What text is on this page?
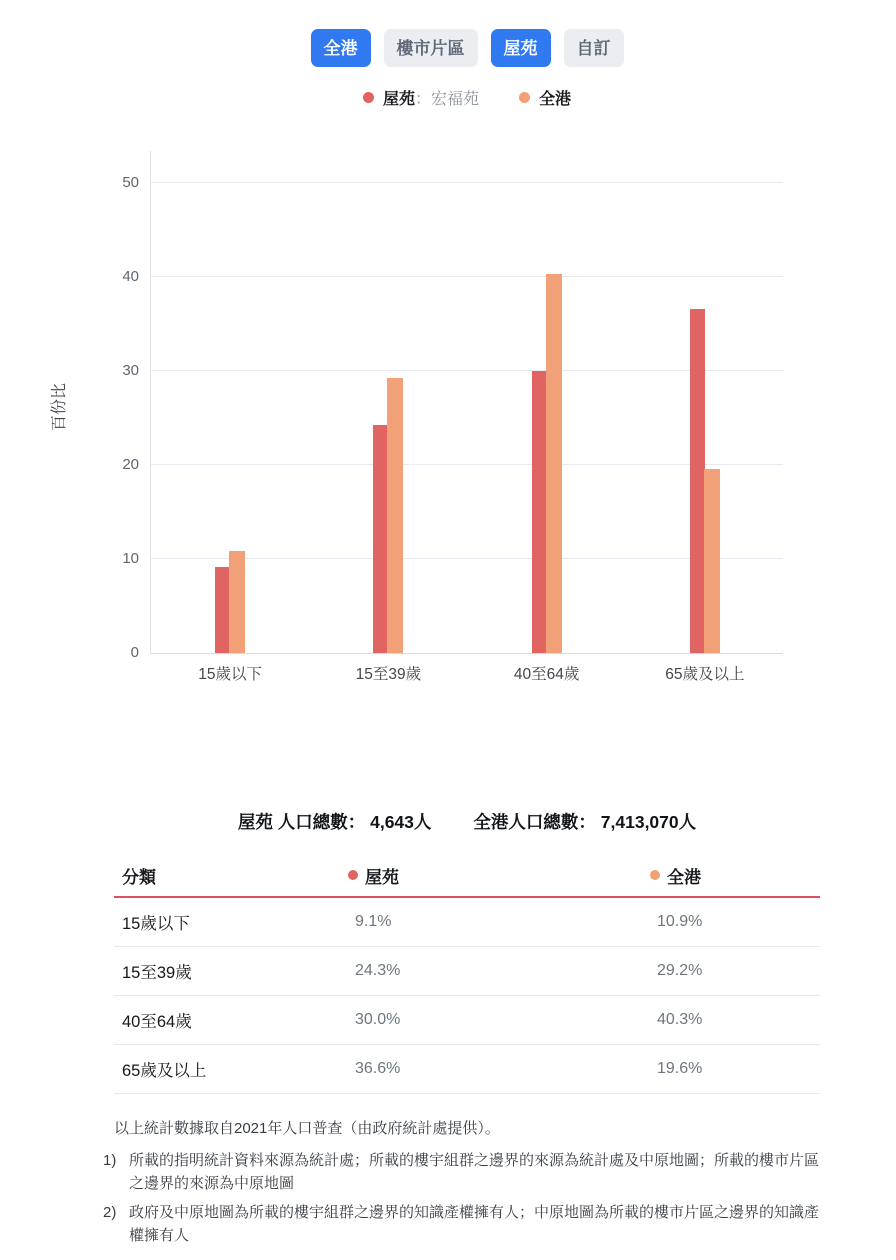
全港	樓市片區	屋苑	自訂
屋苑 ：宏福苑	全港
百份比
0
10
20
30
40
50
15歲以下	15至39歲	40至64歲	65歲及以上
屋苑 人口總數： 4,643人 全港人口總數： 7,413,070人
分類	屋苑	全港
15歲以下	9.1%	10.9%
15至39歲	24.3%	29.2%
40至64歲	30.0%	40.3%
65歲及以上	36.6%	19.6%
以上統計數據取自2021年人口普查（由政府統計處提供）。
1) 所載的指明統計資料來源為統計處；所載的樓宇組群之邊界的來源為統計處及中原地圖；所載的樓市片區之邊界的來源為中原地圖
2) 政府及中原地圖為所載的樓宇組群之邊界的知識產權擁有人；中原地圖為所載的樓市片區之邊界的知識產權擁有人
